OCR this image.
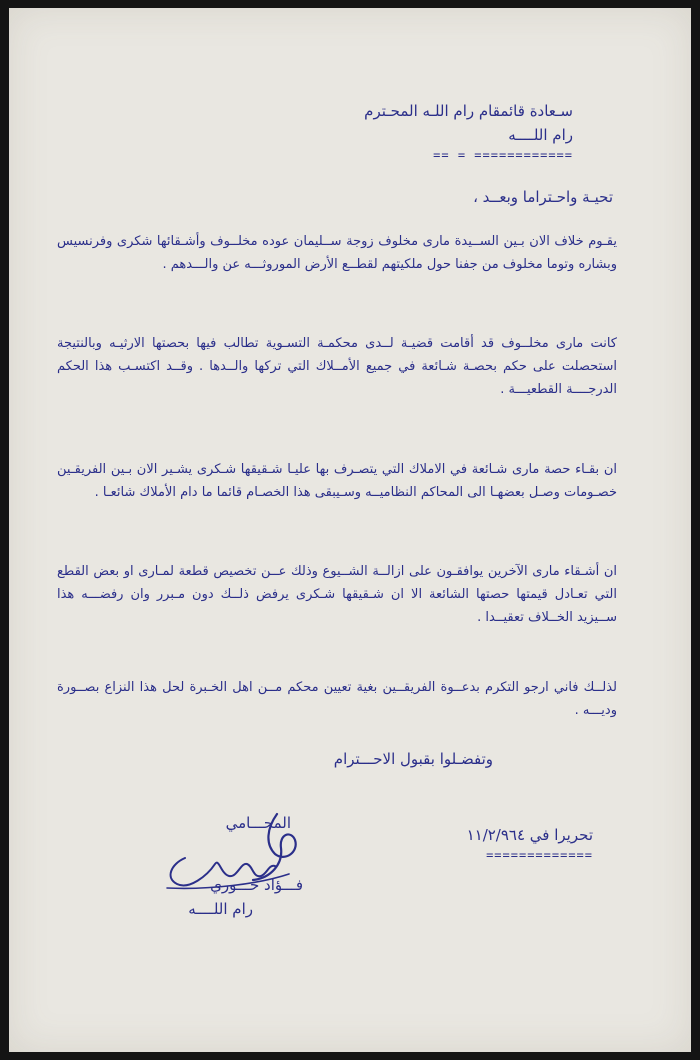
سـعادة قائمقام رام اللـه المحـترم
رام اللــــه
== = ============
تحيـة واحـتراما وبعــد ،
يقـوم خلاف الان بـين الســيدة مارى مخلوف زوجة ســليمان عوده مخلــوف وأشـقائها شكرى وفرنسيس وبشاره وتوما مخلوف من جفنا حول ملكيتهم لقطــع الأرض الموروثـــه عن والـــدهم .
كانت مارى مخلــوف قد أقامت قضيـة لــدى محكمـة التسـوية تطالب فيها بحصتها الارثيـه وبالنتيجة استحصلت على حكم بحصـة شـائعة في جميع الأمــلاك التي تركها والــدها . وقــد اكتسـب هذا الحكم الدرجــــة القطعيـــة .
ان بقـاء حصة مارى شـائعة في الاملاك التي يتصـرف بها عليـا شـقيقها شـكرى يشـير الان بـين الفريقـين خصـومات وصـل بعضهـا الى المحاكم النظاميــه وسـيبقى هذا الخصـام قائما ما دام الأملاك شائعـا .
ان أشـقاء مارى الآخرين يوافقـون على ازالــة الشــيوع وذلك عــن تخصيص قطعة لمـارى او بعض القطع التي تعـادل قيمتها حصتها الشائعة الا ان شـقيقها شـكرى يرفض ذلــك دون مـبرر وان رفضـــه هذا ســيزيد الخــلاف تعقيــدا .
لذلــك فاني ارجو التكرم بدعــوة الفريقــين بغية تعيين محكم مــن اهل الخـبرة لحل هذا النزاع بصــورة وديـــه .
وتفضـلوا بقبول الاحـــترام
تحريرا في ١١/٢/٩٦٤
=============
المحـــامي
فـــؤاد خـــوري
رام اللــــه
